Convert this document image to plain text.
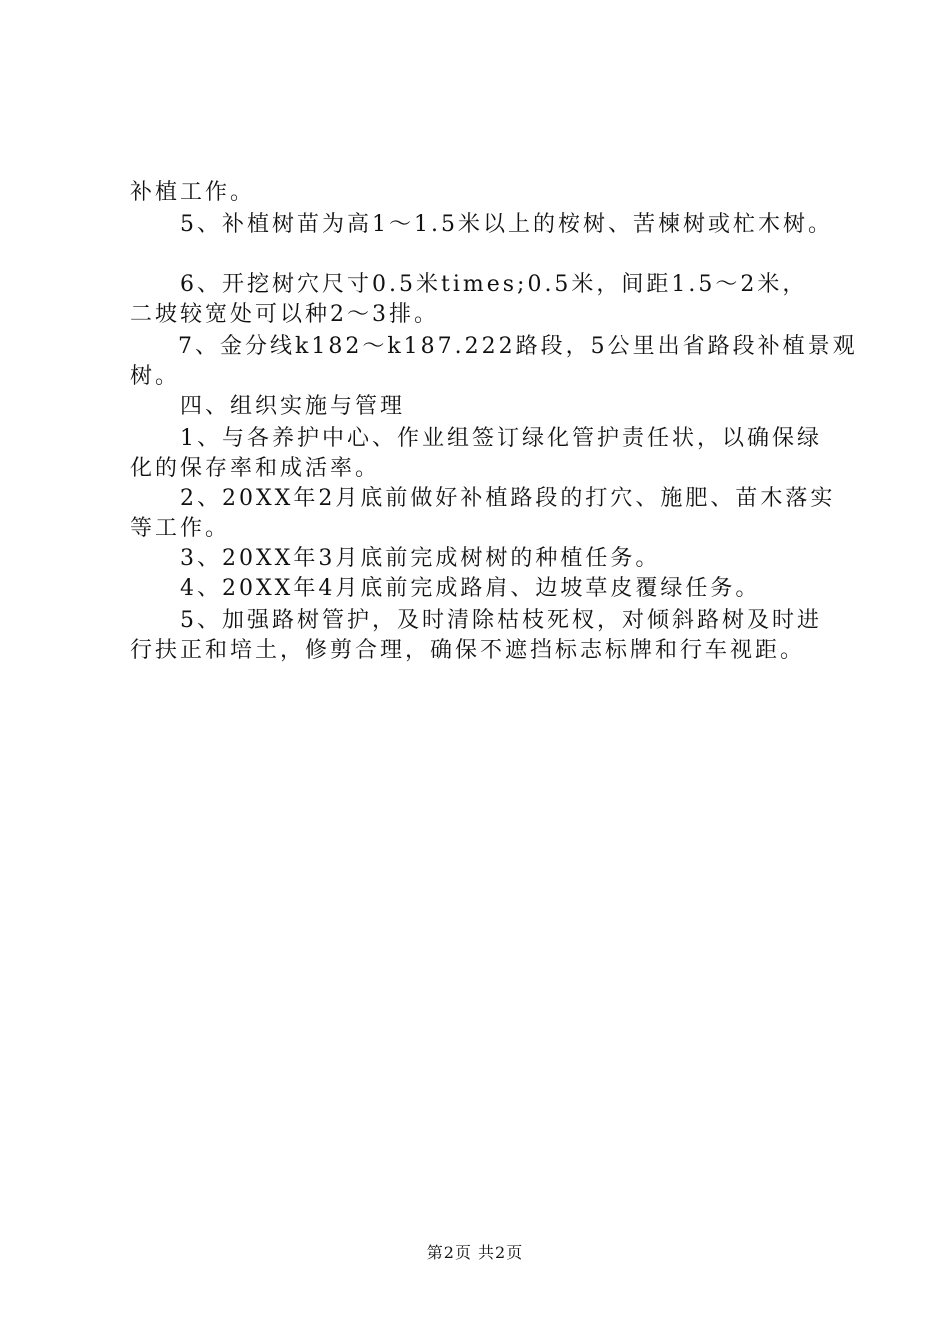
补植工作。
5、补植树苗为高1～1.5米以上的桉树、苦楝树或杧木树。
6、开挖树穴尺寸0.5米times;0.5米，间距1.5～2米，
二坡较宽处可以种2～3排。
7、金分线k182～k187.222路段，5公里出省路段补植景观
树。
四、组织实施与管理
1、与各养护中心、作业组签订绿化管护责任状，以确保绿
化的保存率和成活率。
2、20XX年2月底前做好补植路段的打穴、施肥、苗木落实
等工作。
3、20XX年3月底前完成树树的种植任务。
4、20XX年4月底前完成路肩、边坡草皮覆绿任务。
5、加强路树管护，及时清除枯枝死杈，对倾斜路树及时进
行扶正和培土，修剪合理，确保不遮挡标志标牌和行车视距。
第2页 共2页
